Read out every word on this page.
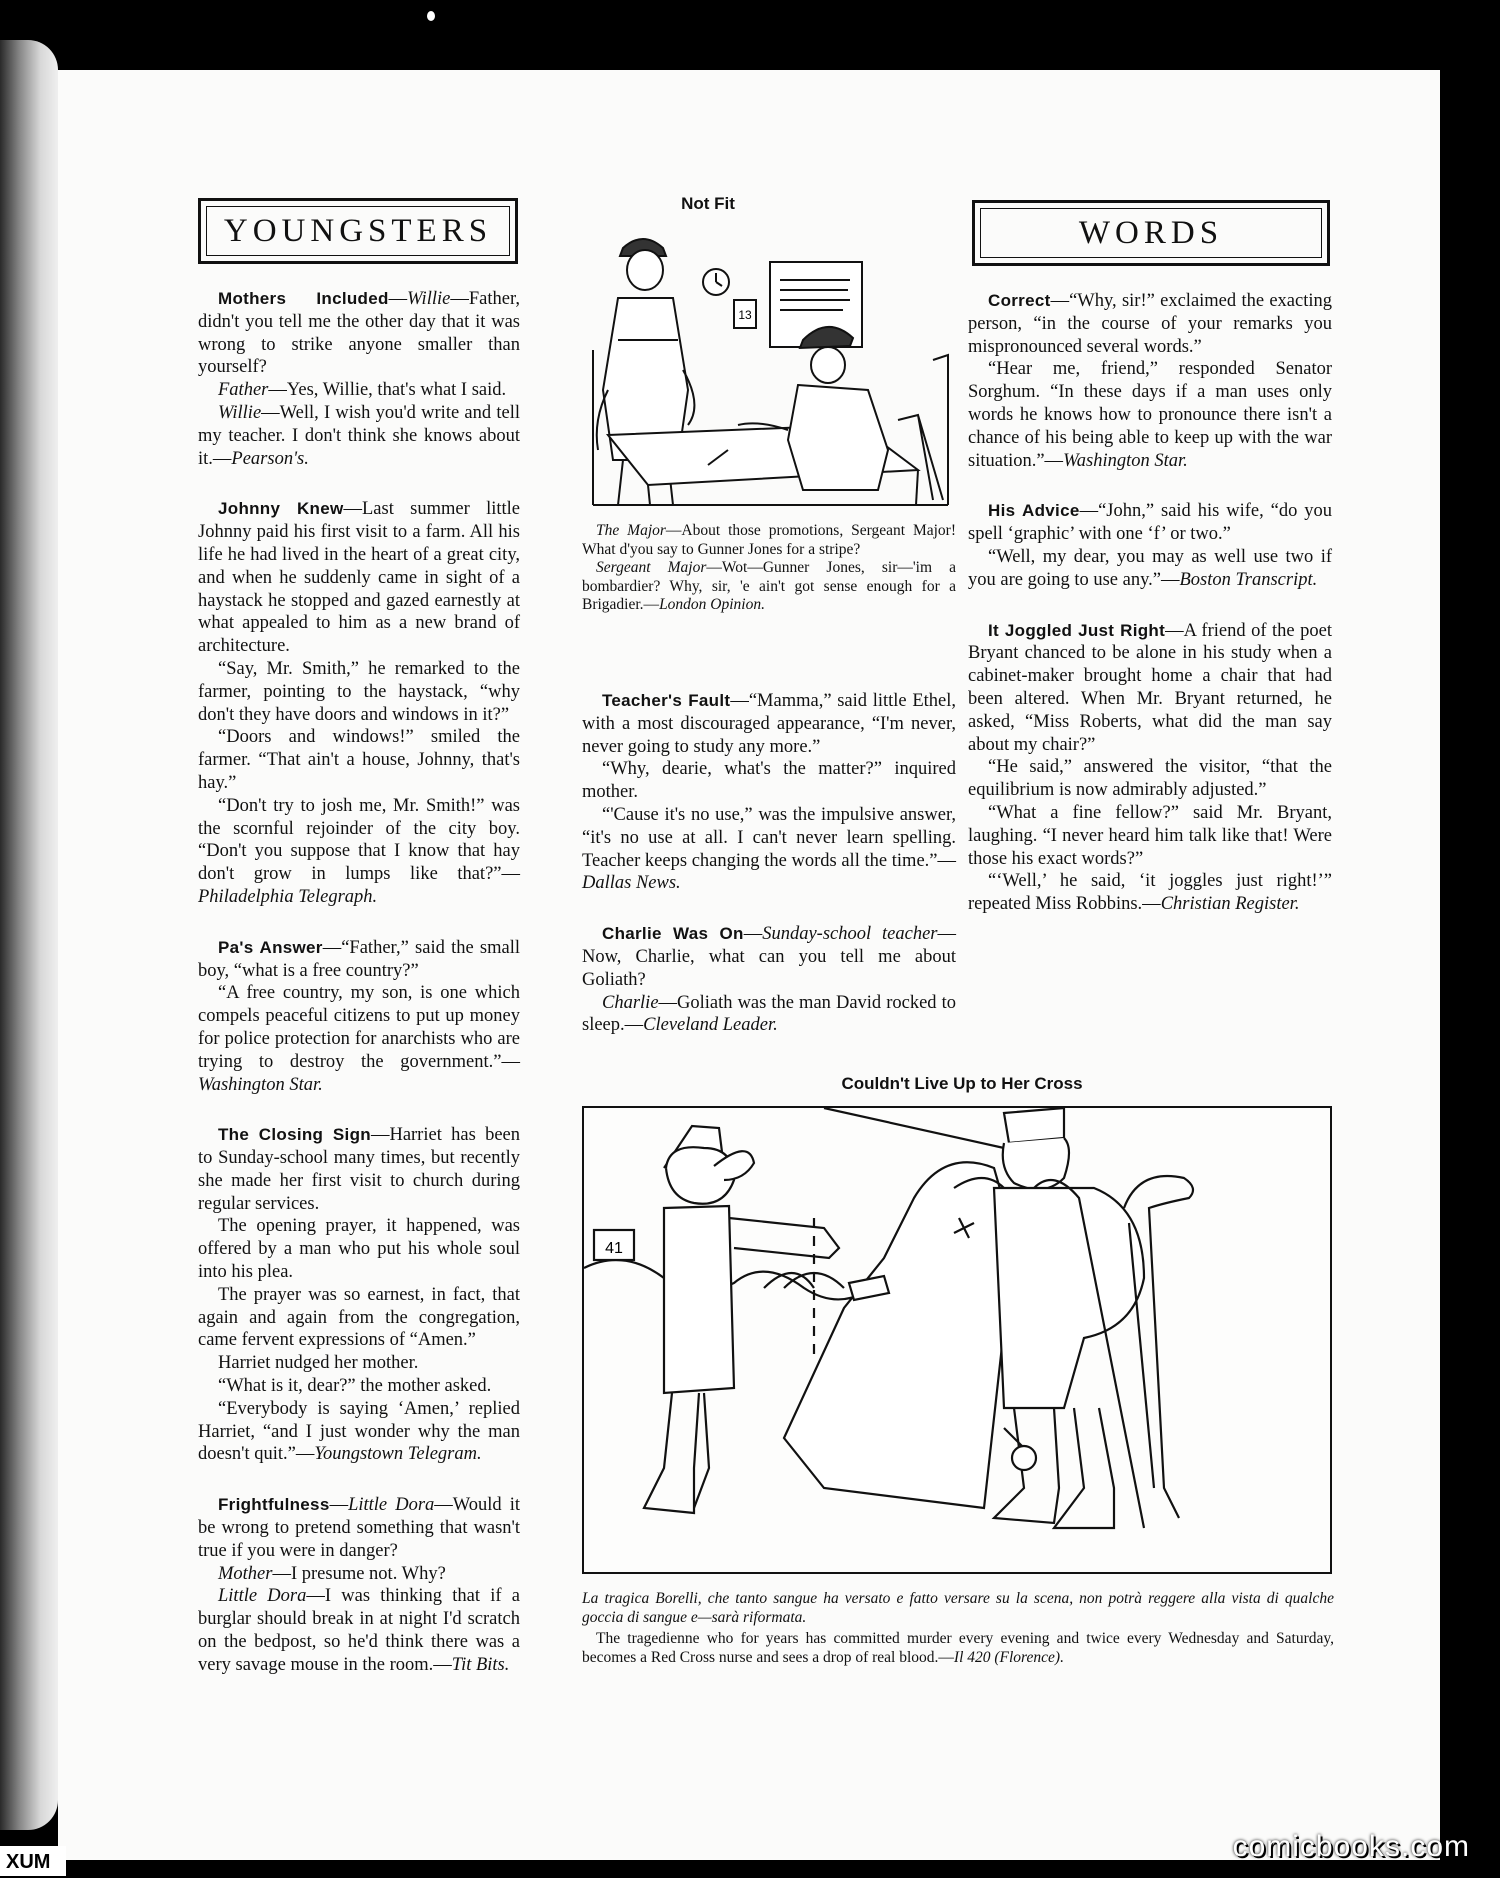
YOUNGSTERS

Mothers Included—Willie—Father, didn't you tell me the other day that it was wrong to strike anyone smaller than yourself?

Father—Yes, Willie, that's what I said.

Willie—Well, I wish you'd write and tell my teacher. I don't think she knows about it.—Pearson's.

Johnny Knew—Last summer little Johnny paid his first visit to a farm. All his life he had lived in the heart of a great city, and when he suddenly came in sight of a haystack he stopped and gazed earnestly at what appealed to him as a new brand of architecture.

“Say, Mr. Smith,” he remarked to the farmer, pointing to the haystack, “why don't they have doors and windows in it?”

“Doors and windows!” smiled the farmer. “That ain't a house, Johnny, that's hay.”

“Don't try to josh me, Mr. Smith!” was the scornful rejoinder of the city boy. “Don't you suppose that I know that hay don't grow in lumps like that?”—Philadelphia Telegraph.

Pa's Answer—“Father,” said the small boy, “what is a free country?”

“A free country, my son, is one which compels peaceful citizens to put up money for police protection for anarchists who are trying to destroy the government.”—Washington Star.

The Closing Sign—Harriet has been to Sunday-school many times, but recently she made her first visit to church during regular services.

The opening prayer, it happened, was offered by a man who put his whole soul into his plea.

The prayer was so earnest, in fact, that again and again from the congregation, came fervent expressions of “Amen.”

Harriet nudged her mother.

“What is it, dear?” the mother asked.

“Everybody is saying ‘Amen,’ replied Harriet, “and I just wonder why the man doesn't quit.”—Youngstown Telegram.

Frightfulness—Little Dora—Would it be wrong to pretend something that wasn't true if you were in danger?

Mother—I presume not. Why?

Little Dora—I was thinking that if a burglar should break in at night I'd scratch on the bedpost, so he'd think there was a very savage mouse in the room.—Tit Bits.

Not Fit
13

The Major—About those promotions, Sergeant Major! What d'you say to Gunner Jones for a stripe?

Sergeant Major—Wot—Gunner Jones, sir—'im a bombardier? Why, sir, 'e ain't got sense enough for a Brigadier.—London Opinion.

Teacher's Fault—“Mamma,” said little Ethel, with a most discouraged appearance, “I'm never, never going to study any more.”

“Why, dearie, what's the matter?” inquired mother.

“'Cause it's no use,” was the impulsive answer, “it's no use at all. I can't never learn spelling. Teacher keeps changing the words all the time.”—Dallas News.

Charlie Was On—Sunday-school teacher—Now, Charlie, what can you tell me about Goliath?

Charlie—Goliath was the man David rocked to sleep.—Cleveland Leader.

WORDS

Correct—“Why, sir!” exclaimed the exacting person, “in the course of your remarks you mispronounced several words.”

“Hear me, friend,” responded Senator Sorghum. “In these days if a man uses only words he knows how to pronounce there isn't a chance of his being able to keep up with the war situation.”—Washington Star.

His Advice—“John,” said his wife, “do you spell ‘graphic’ with one ‘f’ or two.”

“Well, my dear, you may as well use two if you are going to use any.”—Boston Transcript.

It Joggled Just Right—A friend of the poet Bryant chanced to be alone in his study when a cabinet-maker brought home a chair that had been altered. When Mr. Bryant returned, he asked, “Miss Roberts, what did the man say about my chair?”

“He said,” answered the visitor, “that the equilibrium is now admirably adjusted.”

“What a fine fellow?” said Mr. Bryant, laughing. “I never heard him talk like that! Were those his exact words?”

“‘Well,’ he said, ‘it joggles just right!’” repeated Miss Robbins.—Christian Register.

Couldn't Live Up to Her Cross
41

La tragica Borelli, che tanto sangue ha versato e fatto versare su la scena, non potrà reggere alla vista di qualche goccia di sangue e—sarà riformata.

The tragedienne who for years has committed murder every evening and twice every Wednesday and Saturday, becomes a Red Cross nurse and sees a drop of real blood.—Il 420 (Florence).

comicbooks.com
XUM
